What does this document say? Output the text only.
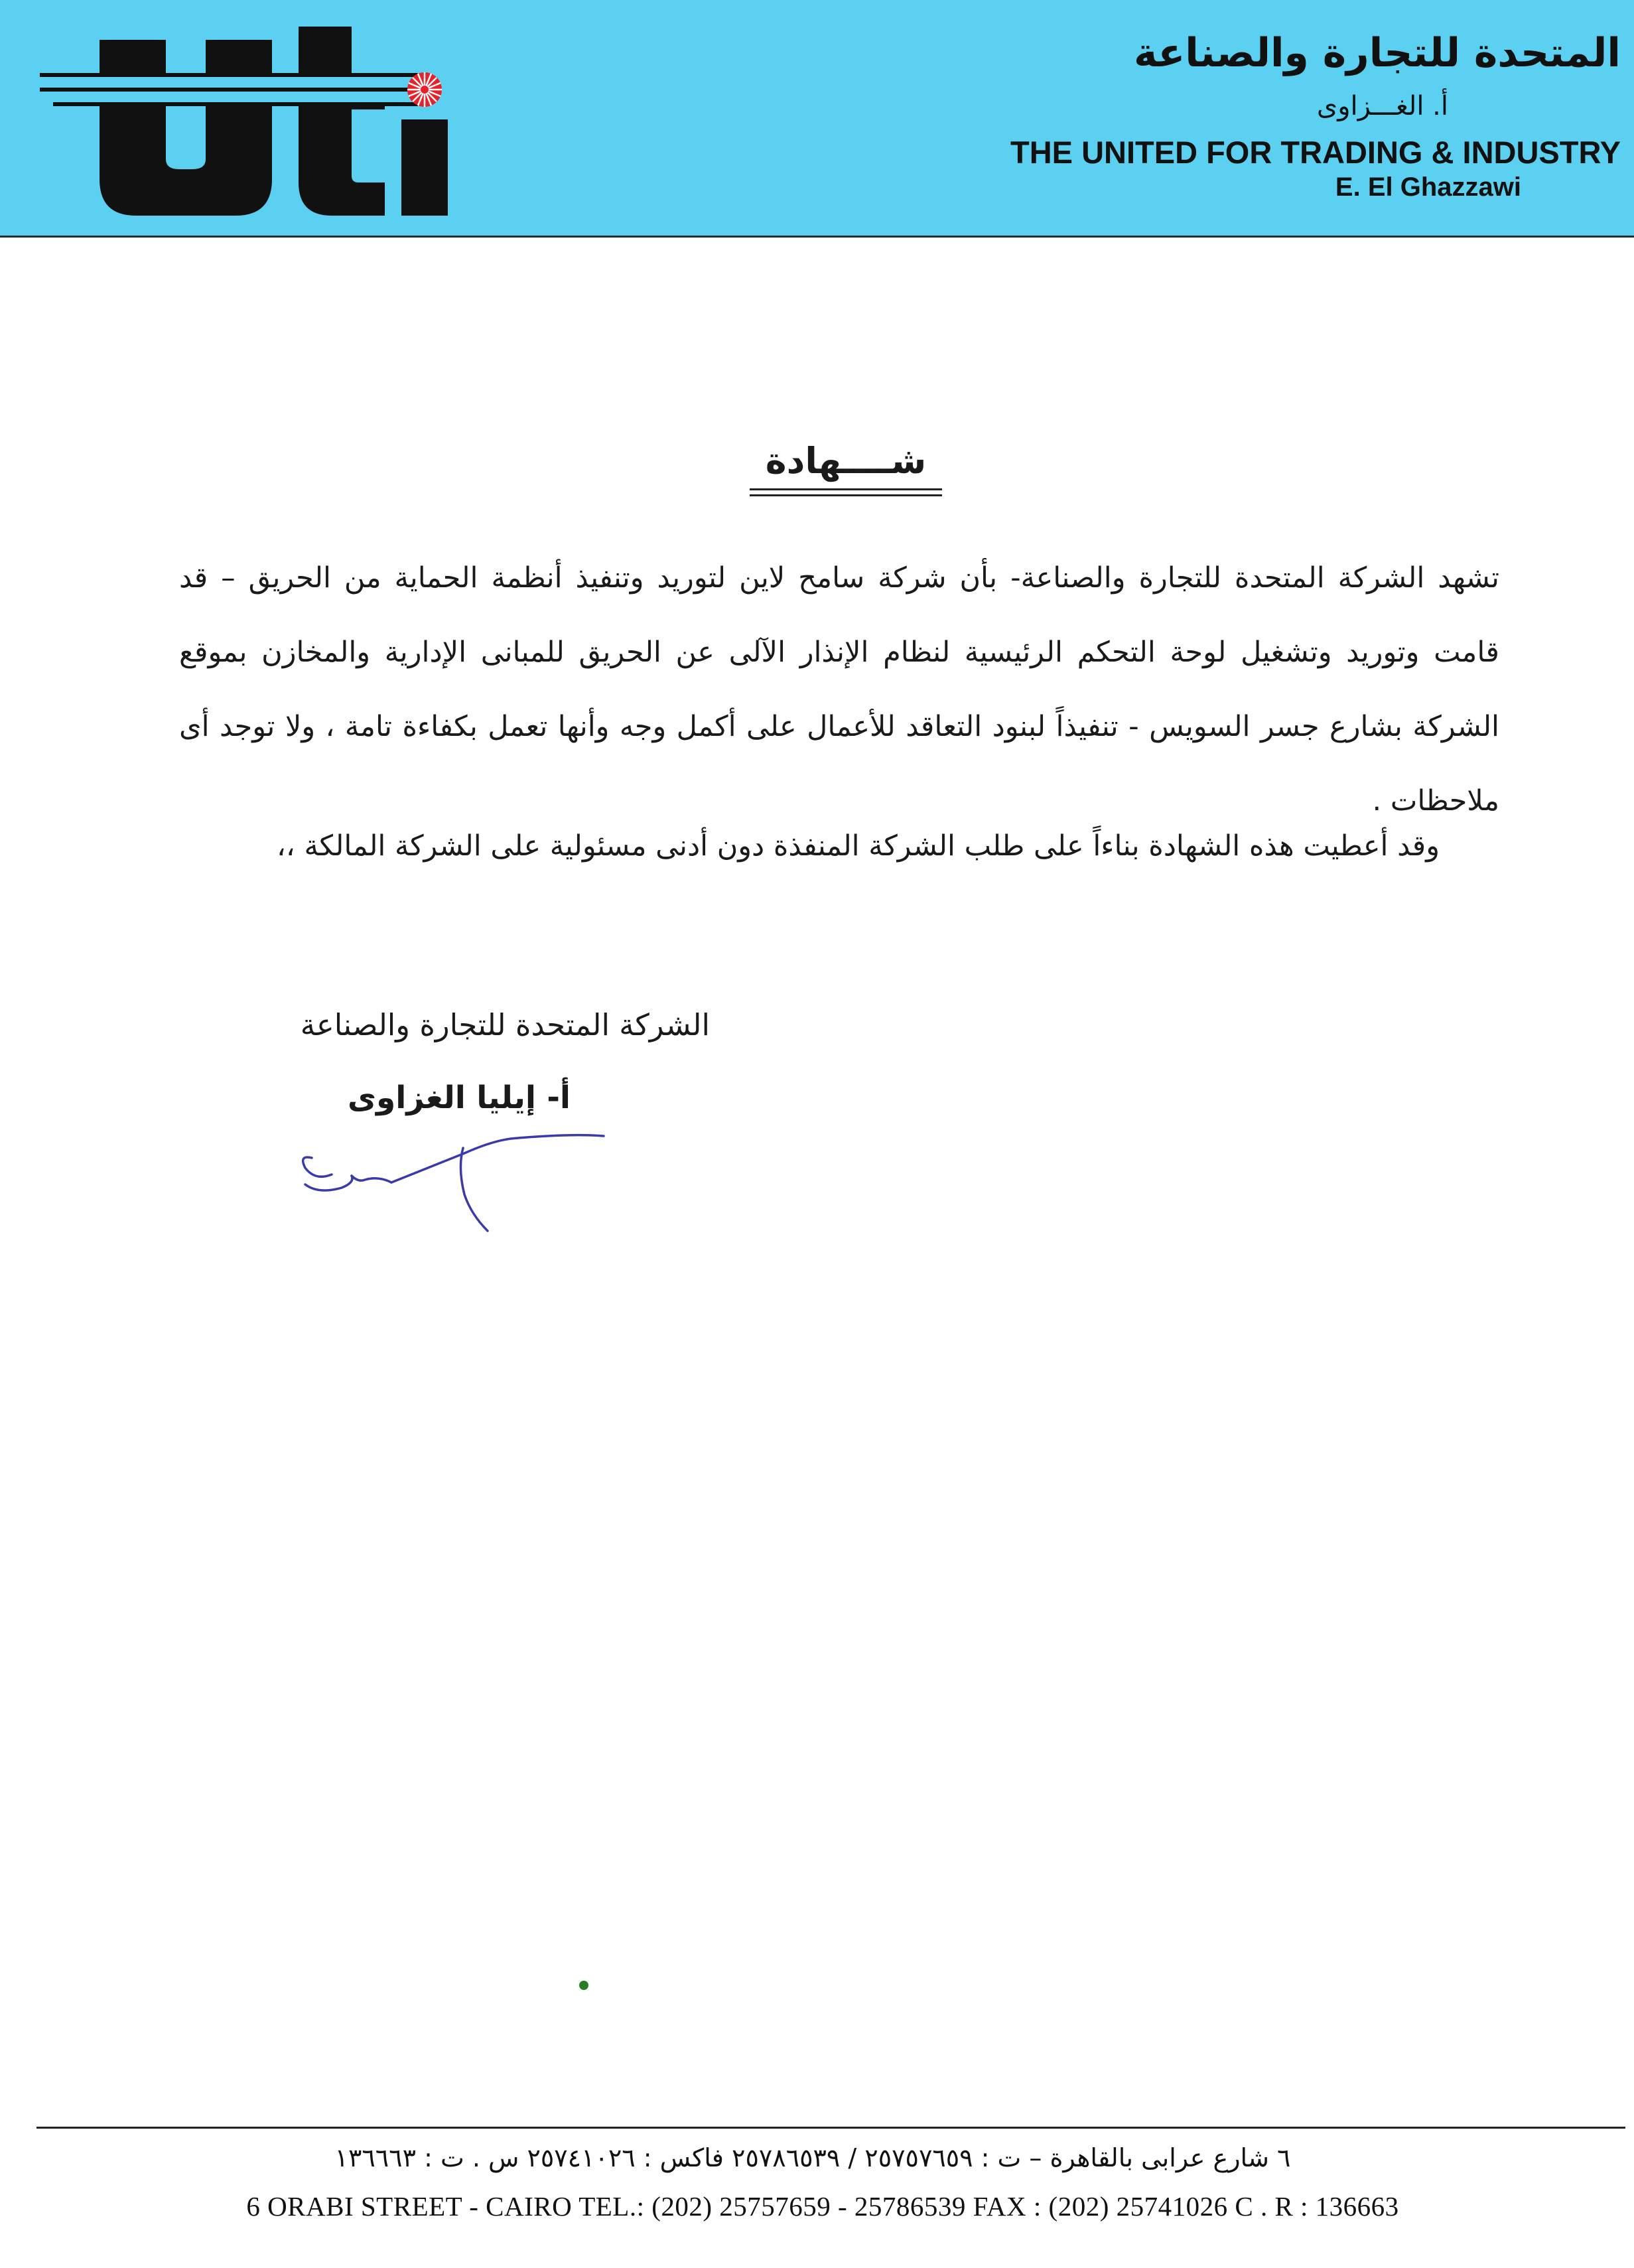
المتحدة للتجارة والصناعة
أ. الغـــزاوى
THE UNITED FOR TRADING & INDUSTRY
E. El Ghazzawi
شــــهادة

تشهد الشركة المتحدة للتجارة والصناعة- بأن شركة سامح لاين لتوريد وتنفيذ أنظمة الحماية من الحريق – قد قامت وتوريد وتشغيل لوحة التحكم الرئيسية لنظام الإنذار الآلى عن الحريق للمبانى الإدارية والمخازن بموقع الشركة بشارع جسر السويس - تنفيذاً لبنود التعاقد للأعمال على أكمل وجه وأنها تعمل بكفاءة تامة ، ولا توجد أى ملاحظات .

وقد أعطيت هذه الشهادة بناءاً على طلب الشركة المنفذة دون أدنى مسئولية على الشركة المالكة ،،
الشركة المتحدة للتجارة والصناعة
أ- إيليا الغزاوى
٦ شارع عرابى بالقاهرة – ت : ٢٥٧٥٧٦٥٩ / ٢٥٧٨٦٥٣٩ فاكس : ٢٥٧٤١٠٢٦ س . ت : ١٣٦٦٦٣
6 ORABI STREET - CAIRO TEL.: (202) 25757659 - 25786539 FAX : (202) 25741026 C . R : 136663
